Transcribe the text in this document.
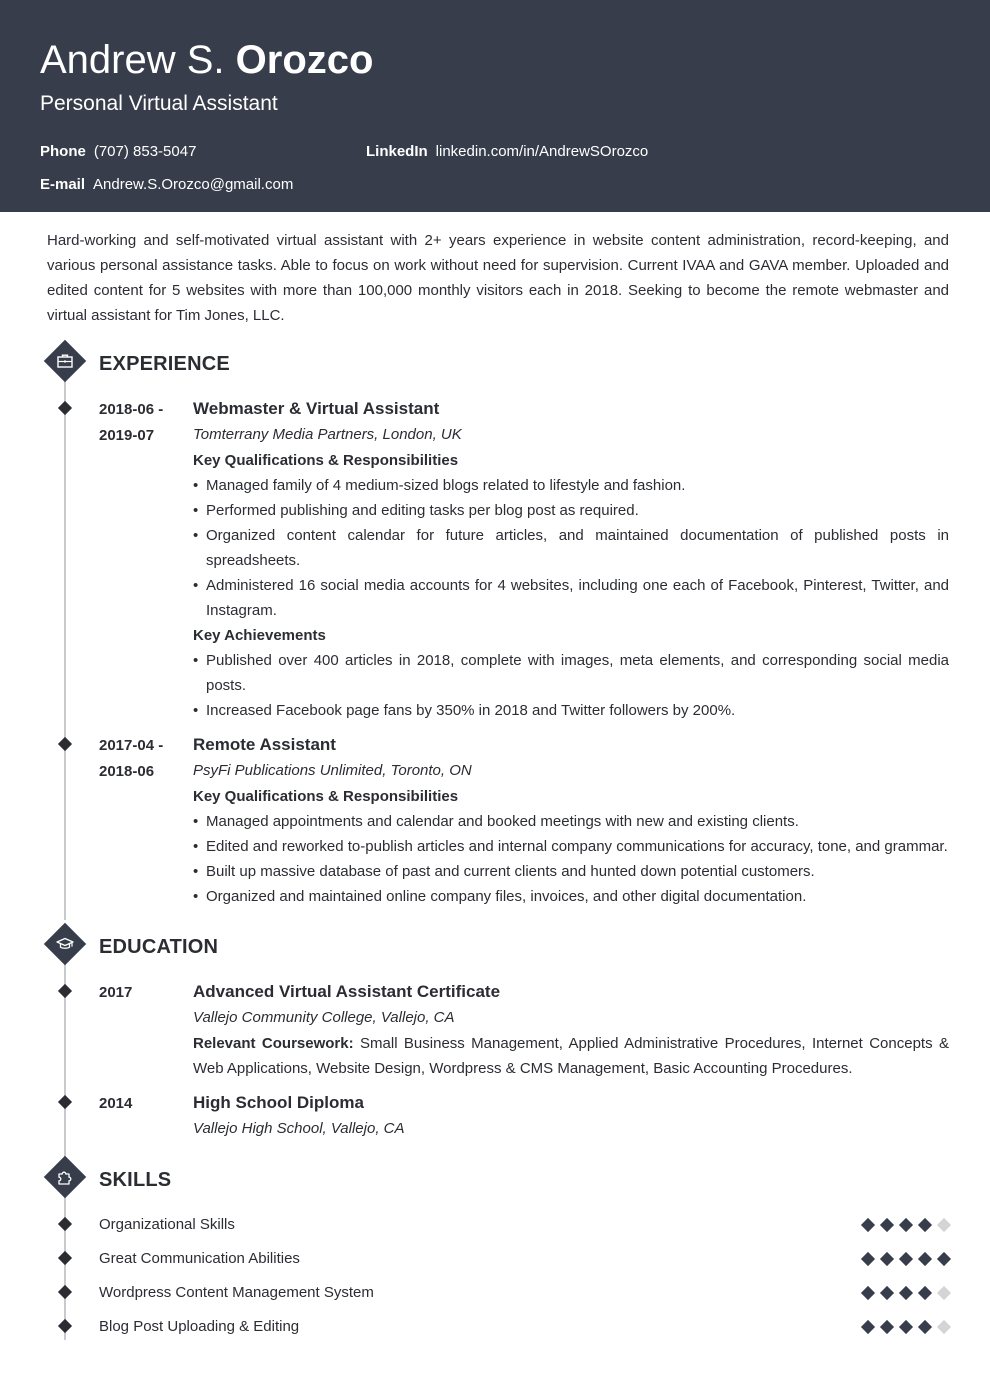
Andrew S. Orozco
Personal Virtual Assistant
Phone (707) 853-5047	LinkedIn linkedin.com/in/AndrewSOrozco
E-mail Andrew.S.Orozco@gmail.com

Hard-working and self-motivated virtual assistant with 2+ years experience in website content administration, record-keeping, and various personal assistance tasks. Able to focus on work without need for supervision. Current IVAA and GAVA member. Uploaded and edited content for 5 websites with more than 100,000 monthly visitors each in 2018. Seeking to become the remote webmaster and virtual assistant for Tim Jones, LLC.

EXPERIENCE
2018-06 -
2019-07
Webmaster & Virtual Assistant
Tomterrany Media Partners, London, UK
Key Qualifications & Responsibilities
• Managed family of 4 medium-sized blogs related to lifestyle and fashion.
• Performed publishing and editing tasks per blog post as required.
• Organized content calendar for future articles, and maintained documentation of published posts in spreadsheets.
• Administered 16 social media accounts for 4 websites, including one each of Facebook, Pinterest, Twitter, and Instagram.
Key Achievements
• Published over 400 articles in 2018, complete with images, meta elements, and corresponding social media posts.
• Increased Facebook page fans by 350% in 2018 and Twitter followers by 200%.
2017-04 -
2018-06
Remote Assistant
PsyFi Publications Unlimited, Toronto, ON
Key Qualifications & Responsibilities
• Managed appointments and calendar and booked meetings with new and existing clients.
• Edited and reworked to-publish articles and internal company communications for accuracy, tone, and grammar.
• Built up massive database of past and current clients and hunted down potential customers.
• Organized and maintained online company files, invoices, and other digital documentation.
EDUCATION
2017	Advanced Virtual Assistant Certificate
Vallejo Community College, Vallejo, CA
Relevant Coursework: Small Business Management, Applied Administrative Procedures, Internet Concepts & Web Applications, Website Design, Wordpress & CMS Management, Basic Accounting Procedures.
2014	High School Diploma
Vallejo High School, Vallejo, CA
SKILLS
Organizational Skills
Great Communication Abilities
Wordpress Content Management System
Blog Post Uploading & Editing
